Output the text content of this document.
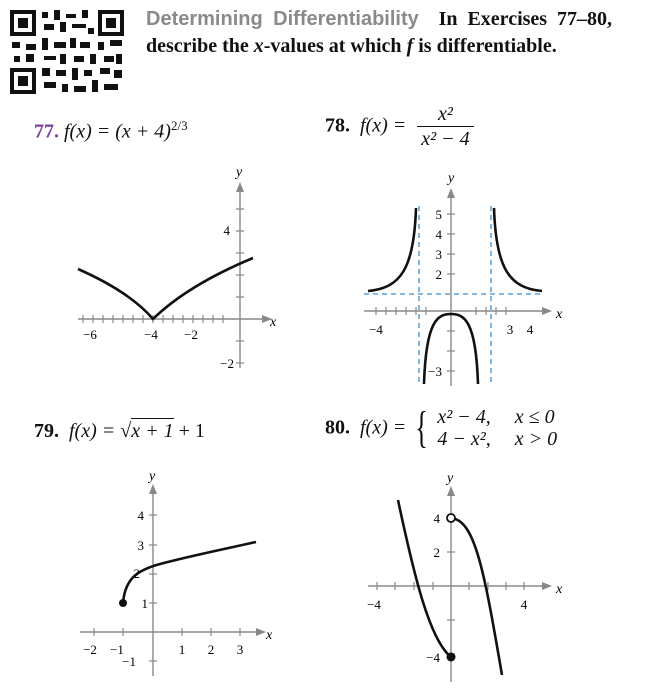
Determining Differentiability In Exercises 77–80, describe the x-values at which f is differentiable.
77. $f(x) = (x + 4)^{2/3}$	78. $f(x) = \frac{\text{x²}}{\text{x² − 4}}$
79. f(x) = √x + 1 + 1	80. f(x) = { x² − 4, x ≤ 0
4 − x², x > 0
x
y
−6	−4 −2
4
−2
x
y
−4	3 4
5
4
3
2
−3
x
y
−2 −1	1 2 3
4
3
2
1
−1
x
y
−4	4
4
2
−4
